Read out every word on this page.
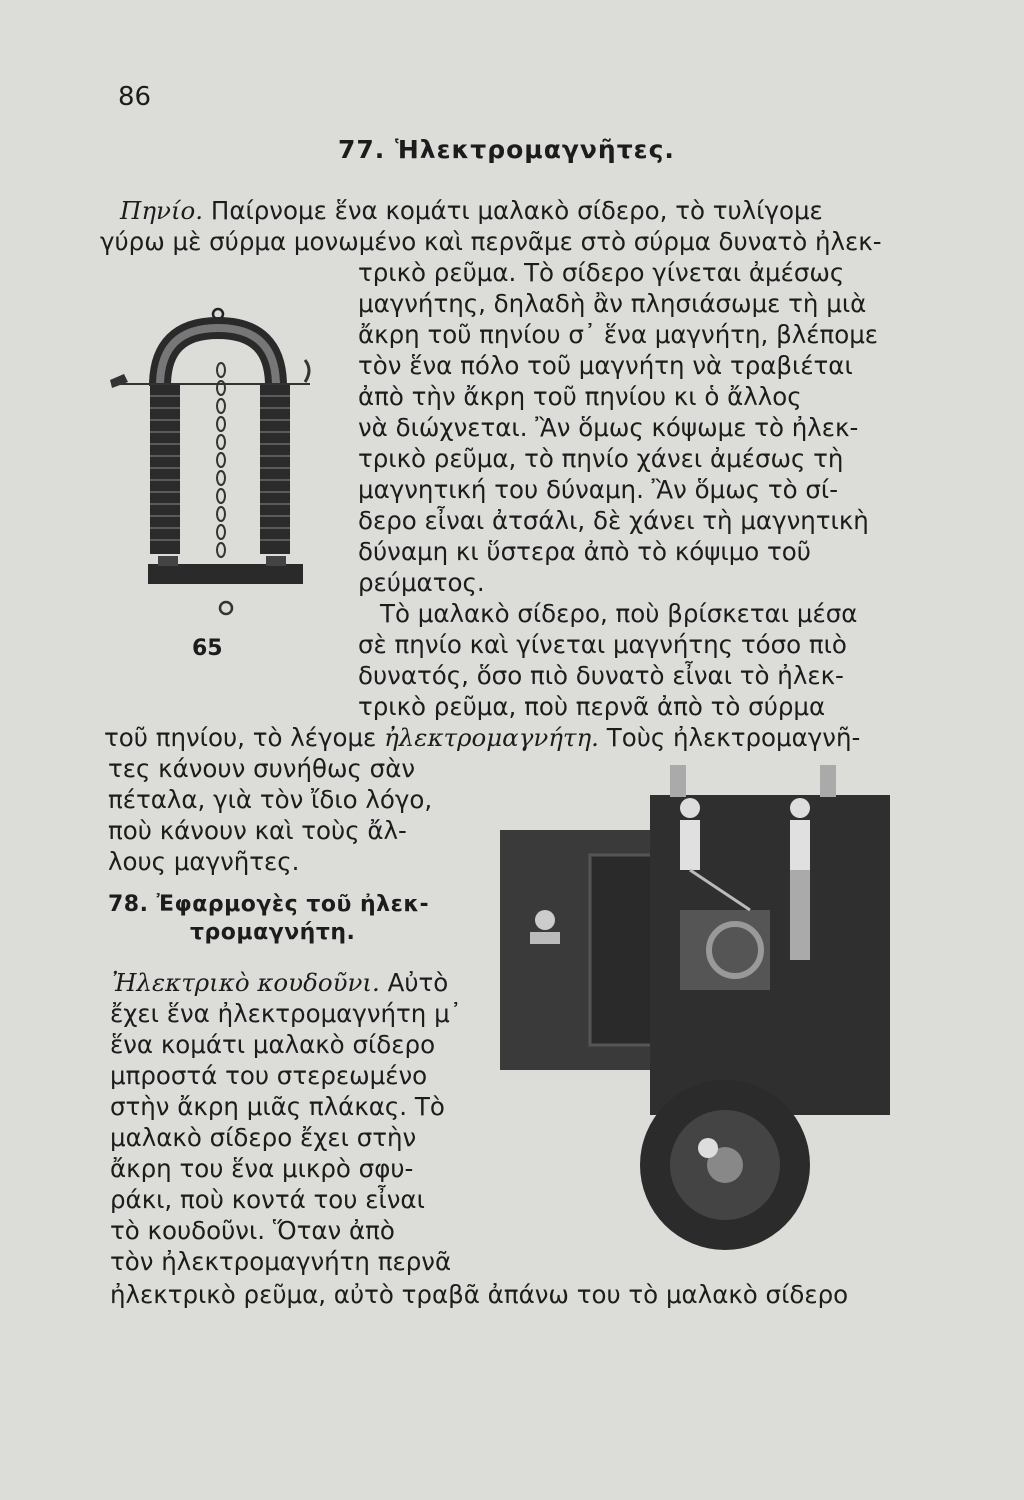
86
77. Ἡλεκτρομαγνῆτες.
Πηνίο. Παίρνομε ἕνα κομάτι μαλακὸ σίδερο, τὸ τυλίγομε
γύρω μὲ σύρμα μονωμένο καὶ περνᾶμε στὸ σύρμα δυνατὸ ἠλεκ-
τρικὸ ρεῦμα. Τὸ σίδερο γίνεται ἀμέσως
μαγνήτης, δηλαδὴ ἂν πλησιάσωμε τὴ μιὰ
ἄκρη τοῦ πηνίου σ᾽ ἕνα μαγνήτη, βλέπομε
τὸν ἕνα πόλο τοῦ μαγνήτη νὰ τραβιέται
ἀπὸ τὴν ἄκρη τοῦ πηνίου κι ὁ ἄλλος
νὰ διώχνεται. Ἂν ὅμως κόψωμε τὸ ἠλεκ-
τρικὸ ρεῦμα, τὸ πηνίο χάνει ἀμέσως τὴ
μαγνητική του δύναμη. Ἂν ὅμως τὸ σί-
δερο εἶναι ἀτσάλι, δὲ χάνει τὴ μαγνητικὴ
δύναμη κι ὕστερα ἀπὸ τὸ κόψιμο τοῦ
ρεύματος.
Τὸ μαλακὸ σίδερο, ποὺ βρίσκεται μέσα
σὲ πηνίο καὶ γίνεται μαγνήτης τόσο πιὸ
δυνατός, ὅσο πιὸ δυνατὸ εἶναι τὸ ἠλεκ-
τρικὸ ρεῦμα, ποὺ περνᾶ ἀπὸ τὸ σύρμα
τοῦ πηνίου, τὸ λέγομε ἠλεκτρομαγνήτη. Τοὺς ἠλεκτρομαγνῆ-
τες κάνουν συνήθως σὰν
πέταλα, γιὰ τὸν ἴδιο λόγο,
ποὺ κάνουν καὶ τοὺς ἄλ-
λους μαγνῆτες.
65
78. Ἐφαρμογὲς τοῦ ἠλεκ-
τρομαγνήτη.
Ἠλεκτρικὸ κουδοῦνι. Αὐτὸ
ἔχει ἕνα ἠλεκτρομαγνήτη μ᾽
ἕνα κομάτι μαλακὸ σίδερο
μπροστά του στερεωμένο
στὴν ἄκρη μιᾶς πλάκας. Τὸ
μαλακὸ σίδερο ἔχει στὴν
ἄκρη του ἕνα μικρὸ σφυ-
ράκι, ποὺ κοντά του εἶναι
τὸ κουδοῦνι. Ὅταν ἀπὸ
τὸν ἠλεκτρομαγνήτη περνᾶ
ἠλεκτρικὸ ρεῦμα, αὐτὸ τραβᾶ ἀπάνω του τὸ μαλακὸ σίδερο
